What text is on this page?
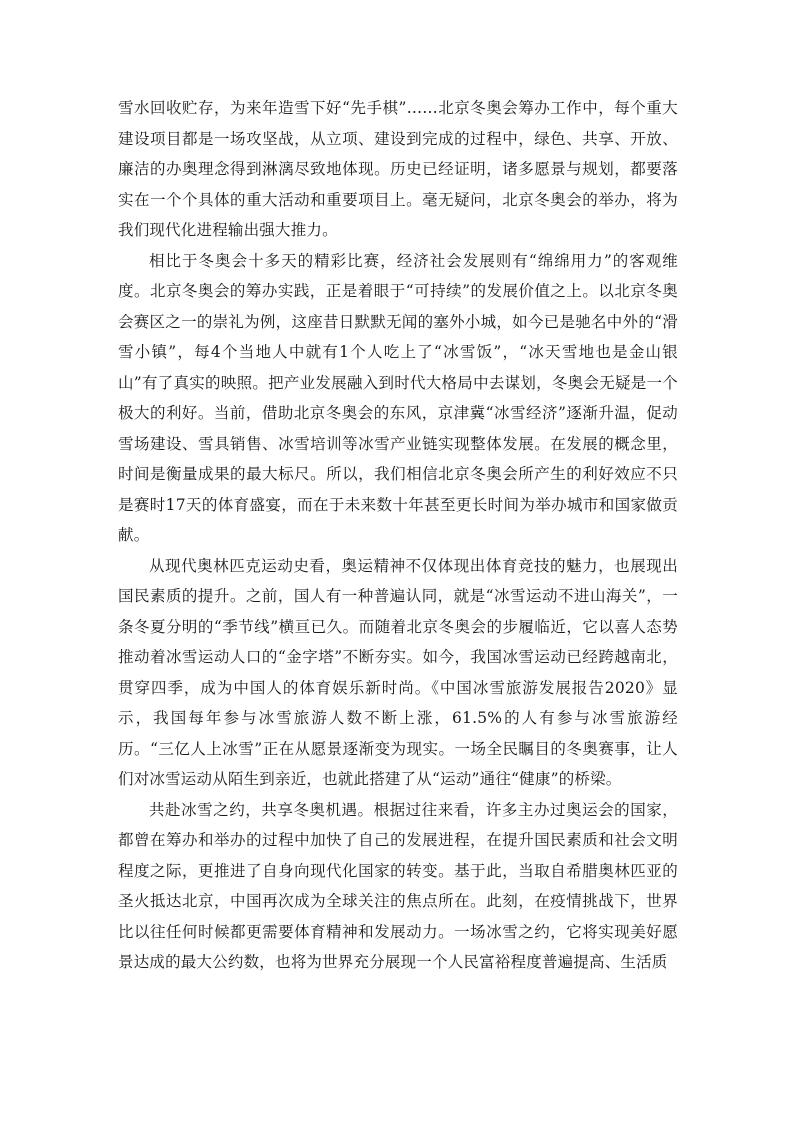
雪水回收贮存，为来年造雪下好“先手棋”……北京冬奥会筹办工作中，每个重大建设项目都是一场攻坚战，从立项、建设到完成的过程中，绿色、共享、开放、廉洁的办奥理念得到淋漓尽致地体现。历史已经证明，诸多愿景与规划，都要落实在一个个具体的重大活动和重要项目上。毫无疑问，北京冬奥会的举办，将为我们现代化进程输出强大推力。

相比于冬奥会十多天的精彩比赛，经济社会发展则有“绵绵用力”的客观维度。北京冬奥会的筹办实践，正是着眼于“可持续”的发展价值之上。以北京冬奥会赛区之一的崇礼为例，这座昔日默默无闻的塞外小城，如今已是驰名中外的“滑雪小镇”，每4个当地人中就有1个人吃上了“冰雪饭”，“冰天雪地也是金山银山”有了真实的映照。把产业发展融入到时代大格局中去谋划，冬奥会无疑是一个极大的利好。当前，借助北京冬奥会的东风，京津冀“冰雪经济”逐渐升温，促动雪场建设、雪具销售、冰雪培训等冰雪产业链实现整体发展。在发展的概念里，时间是衡量成果的最大标尺。所以，我们相信北京冬奥会所产生的利好效应不只是赛时17天的体育盛宴，而在于未来数十年甚至更长时间为举办城市和国家做贡献。

从现代奥林匹克运动史看，奥运精神不仅体现出体育竞技的魅力，也展现出国民素质的提升。之前，国人有一种普遍认同，就是“冰雪运动不进山海关”，一条冬夏分明的“季节线”横亘已久。而随着北京冬奥会的步履临近，它以喜人态势推动着冰雪运动人口的“金字塔”不断夯实。如今，我国冰雪运动已经跨越南北，贯穿四季，成为中国人的体育娱乐新时尚。《中国冰雪旅游发展报告2020》显示，我国每年参与冰雪旅游人数不断上涨，61.5%的人有参与冰雪旅游经历。“三亿人上冰雪”正在从愿景逐渐变为现实。一场全民瞩目的冬奥赛事，让人们对冰雪运动从陌生到亲近，也就此搭建了从“运动”通往“健康”的桥梁。

共赴冰雪之约，共享冬奥机遇。根据过往来看，许多主办过奥运会的国家，都曾在筹办和举办的过程中加快了自己的发展进程，在提升国民素质和社会文明程度之际，更推进了自身向现代化国家的转变。基于此，当取自希腊奥林匹亚的圣火抵达北京，中国再次成为全球关注的焦点所在。此刻，在疫情挑战下，世界比以往任何时候都更需要体育精神和发展动力。一场冰雪之约，它将实现美好愿景达成的最大公约数，也将为世界充分展现一个人民富裕程度普遍提高、生活质
